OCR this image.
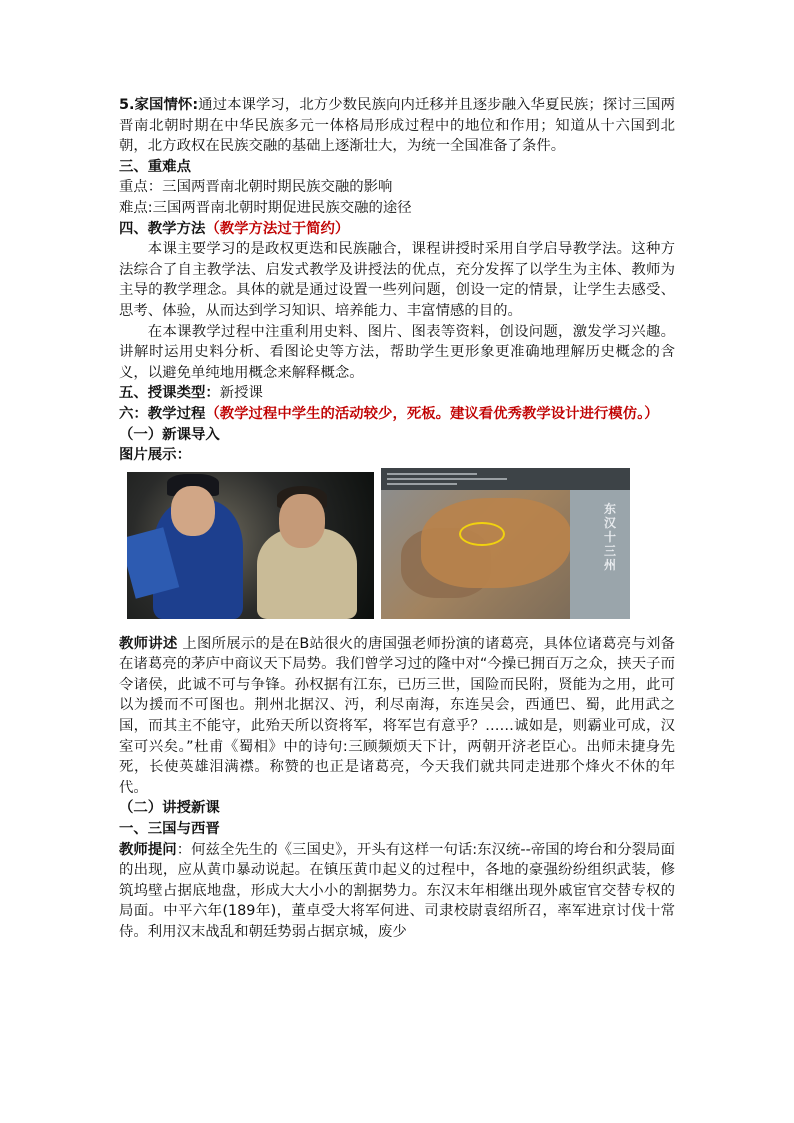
5.家国情怀:通过本课学习，北方少数民族向内迁移并且逐步融入华夏民族；探讨三国两晋南北朝时期在中华民族多元一体格局形成过程中的地位和作用；知道从十六国到北朝，北方政权在民族交融的基础上逐渐壮大，为统一全国准备了条件。

三、重难点

重点：三国两晋南北朝时期民族交融的影响

难点:三国两晋南北朝时期促进民族交融的途径

四、教学方法（教学方法过于简约）

本课主要学习的是政权更迭和民族融合，课程讲授时采用自学启导教学法。这种方法综合了自主教学法、启发式教学及讲授法的优点，充分发挥了以学生为主体、教师为主导的教学理念。具体的就是通过设置一些列问题，创设一定的情景，让学生去感受、思考、体验，从而达到学习知识、培养能力、丰富情感的目的。

在本课教学过程中注重利用史料、图片、图表等资料，创设问题，激发学习兴趣。讲解时运用史料分析、看图论史等方法，帮助学生更形象更准确地理解历史概念的含义，以避免单纯地用概念来解释概念。

五、授课类型：新授课

六：教学过程（教学过程中学生的活动较少，死板。建议看优秀教学设计进行模仿。）

（一）新课导入

图片展示：

东汉十三州

教师讲述 上图所展示的是在B站很火的唐国强老师扮演的诸葛亮，具体位诸葛亮与刘备在诸葛亮的茅庐中商议天下局势。我们曾学习过的隆中对“今操已拥百万之众，挟天子而令诸侯，此诚不可与争锋。孙权据有江东，已历三世，国险而民附，贤能为之用，此可以为援而不可图也。荆州北据汉、沔，利尽南海，东连吴会，西通巴、蜀，此用武之国，而其主不能守，此殆天所以资将军，将军岂有意乎？……诚如是，则霸业可成，汉室可兴矣。”杜甫《蜀相》中的诗句:三顾频烦天下计，两朝开济老臣心。出师未捷身先死，长使英雄泪满襟。称赞的也正是诸葛亮，今天我们就共同走进那个烽火不休的年代。

（二）讲授新课

一、三国与西晋

教师提问：何兹全先生的《三国史》，开头有这样一句话:东汉统--帝国的垮台和分裂局面的出现，应从黄巾暴动说起。在镇压黄巾起义的过程中，各地的豪强纷纷组织武装，修筑坞壁占据底地盘，形成大大小小的割据势力。东汉末年相继出现外戚宦官交替专权的局面。中平六年(189年)，董卓受大将军何进、司隶校尉袁绍所召，率军进京讨伐十常侍。利用汉末战乱和朝廷势弱占据京城，废少
